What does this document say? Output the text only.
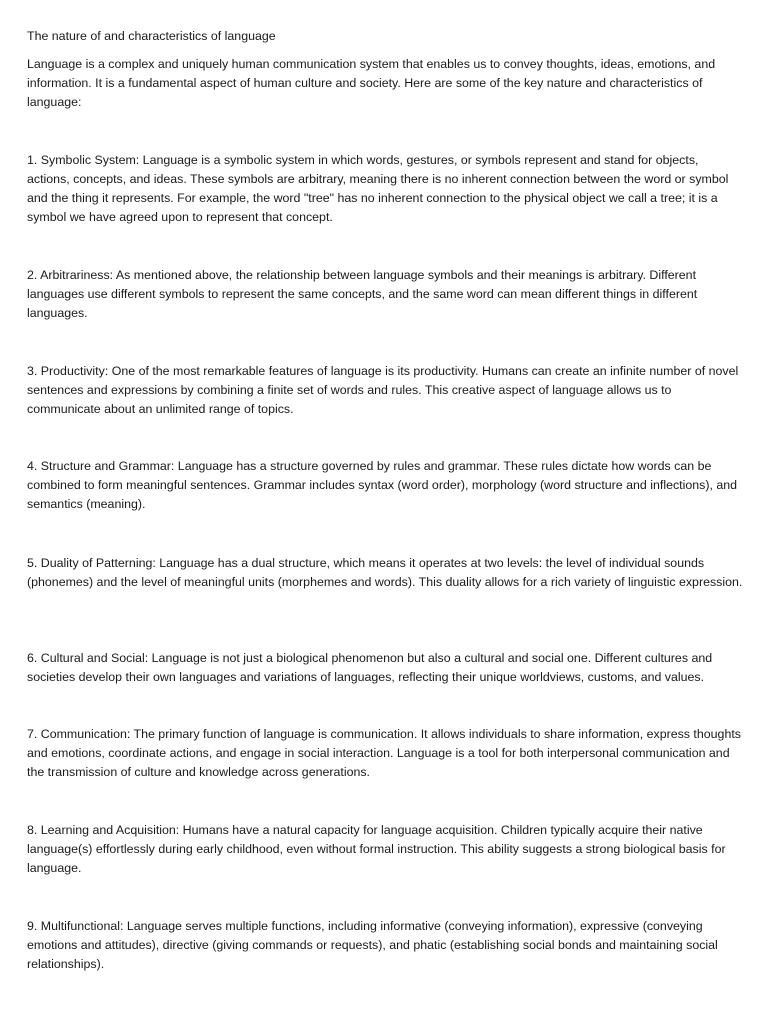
The nature of and characteristics of language

Language is a complex and uniquely human communication system that enables us to convey thoughts, ideas, emotions, and information. It is a fundamental aspect of human culture and society. Here are some of the key nature and characteristics of language:

1. Symbolic System: Language is a symbolic system in which words, gestures, or symbols represent and stand for objects, actions, concepts, and ideas. These symbols are arbitrary, meaning there is no inherent connection between the word or symbol and the thing it represents. For example, the word "tree" has no inherent connection to the physical object we call a tree; it is a symbol we have agreed upon to represent that concept.

2. Arbitrariness: As mentioned above, the relationship between language symbols and their meanings is arbitrary. Different languages use different symbols to represent the same concepts, and the same word can mean different things in different languages.

3. Productivity: One of the most remarkable features of language is its productivity. Humans can create an infinite number of novel sentences and expressions by combining a finite set of words and rules. This creative aspect of language allows us to communicate about an unlimited range of topics.

4. Structure and Grammar: Language has a structure governed by rules and grammar. These rules dictate how words can be combined to form meaningful sentences. Grammar includes syntax (word order), morphology (word structure and inflections), and semantics (meaning).

5. Duality of Patterning: Language has a dual structure, which means it operates at two levels: the level of individual sounds (phonemes) and the level of meaningful units (morphemes and words). This duality allows for a rich variety of linguistic expression.

6. Cultural and Social: Language is not just a biological phenomenon but also a cultural and social one. Different cultures and societies develop their own languages and variations of languages, reflecting their unique worldviews, customs, and values.

7. Communication: The primary function of language is communication. It allows individuals to share information, express thoughts and emotions, coordinate actions, and engage in social interaction. Language is a tool for both interpersonal communication and the transmission of culture and knowledge across generations.

8. Learning and Acquisition: Humans have a natural capacity for language acquisition. Children typically acquire their native language(s) effortlessly during early childhood, even without formal instruction. This ability suggests a strong biological basis for language.

9. Multifunctional: Language serves multiple functions, including informative (conveying information), expressive (conveying emotions and attitudes), directive (giving commands or requests), and phatic (establishing social bonds and maintaining social relationships).
